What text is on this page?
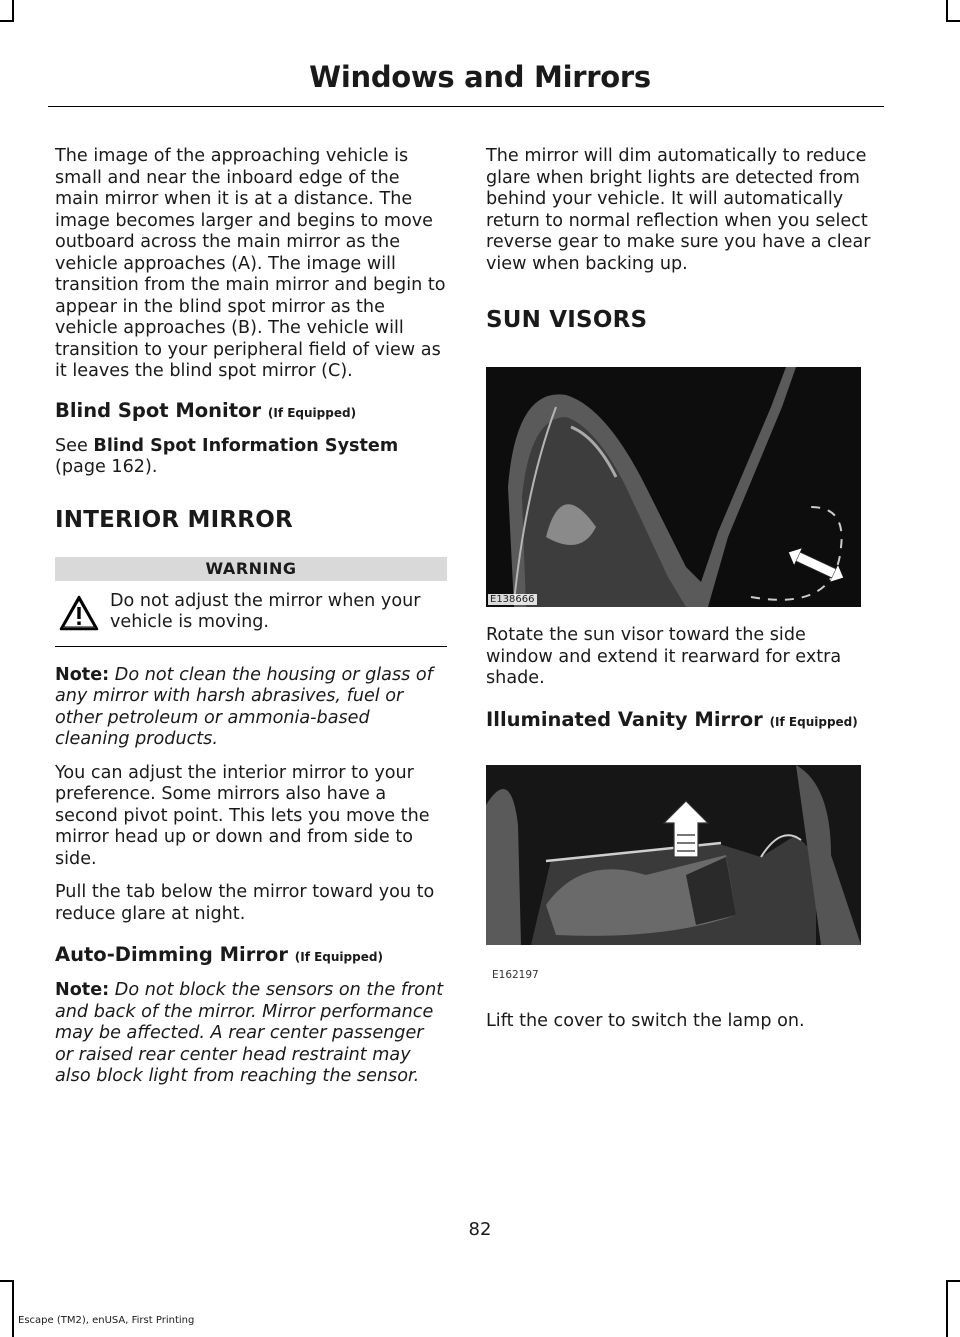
Windows and Mirrors

The image of the approaching vehicle is small and near the inboard edge of the main mirror when it is at a distance. The image becomes larger and begins to move outboard across the main mirror as the vehicle approaches (A). The image will transition from the main mirror and begin to appear in the blind spot mirror as the vehicle approaches (B). The vehicle will transition to your peripheral field of view as it leaves the blind spot mirror (C).

Blind Spot Monitor (If Equipped)

See Blind Spot Information System (page 162).

INTERIOR MIRROR
WARNING

Do not adjust the mirror when your vehicle is moving.

Note: Do not clean the housing or glass of any mirror with harsh abrasives, fuel or other petroleum or ammonia-based cleaning products.

You can adjust the interior mirror to your preference. Some mirrors also have a second pivot point. This lets you move the mirror head up or down and from side to side.

Pull the tab below the mirror toward you to reduce glare at night.

Auto-Dimming Mirror (If Equipped)

Note: Do not block the sensors on the front and back of the mirror. Mirror performance may be affected. A rear center passenger or raised rear center head restraint may also block light from reaching the sensor.

The mirror will dim automatically to reduce glare when bright lights are detected from behind your vehicle. It will automatically return to normal reflection when you select reverse gear to make sure you have a clear view when backing up.

SUN VISORS
E138666

Rotate the sun visor toward the side window and extend it rearward for extra shade.

Illuminated Vanity Mirror (If Equipped)
E162197

Lift the cover to switch the lamp on.

82
Escape (TM2), enUSA, First Printing
